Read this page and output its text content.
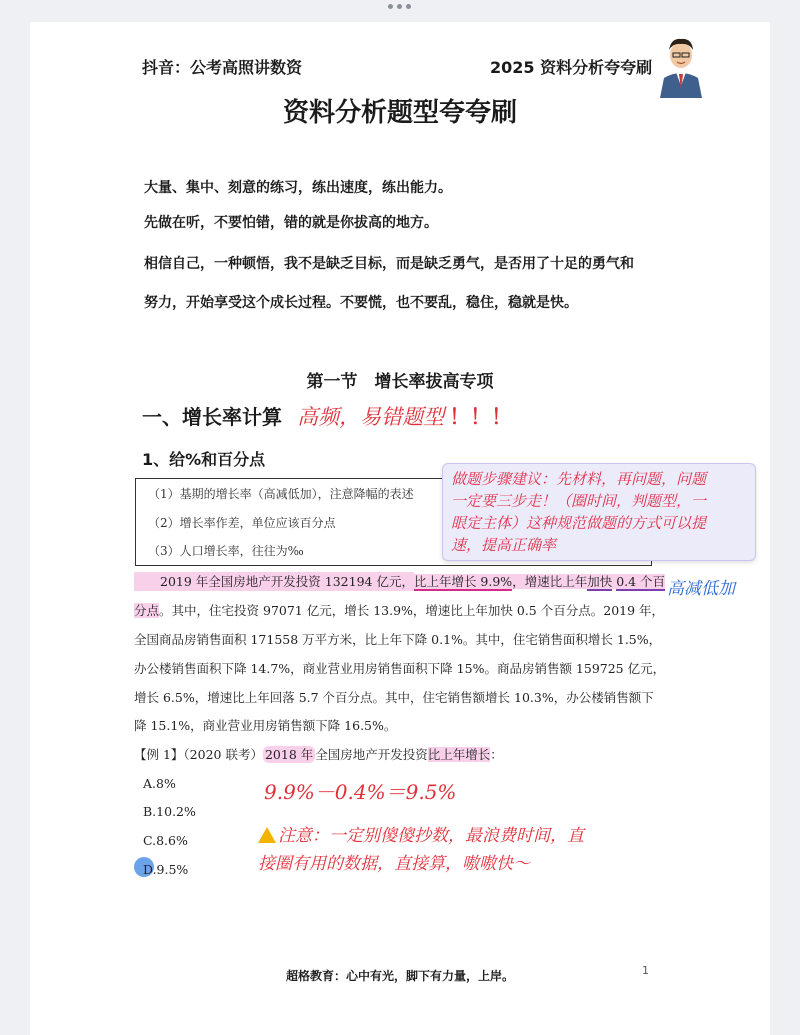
抖音：公考高照讲数资	2025 资料分析夸夸刷
资料分析题型夸夸刷
大量、集中、刻意的练习，练出速度，练出能力。
先做在听，不要怕错，错的就是你拔高的地方。
相信自己，一种顿悟，我不是缺乏目标，而是缺乏勇气，是否用了十足的勇气和
努力，开始享受这个成长过程。不要慌，也不要乱，稳住，稳就是快。
第一节　增长率拔高专项
一、增长率计算 高频，易错题型 ！！！
1、给%和百分点
（1）基期的增长率（高减低加），注意降幅的表述
（2）增长率作差，单位应该百分点
（3）人口增长率，往往为‰
做题步骤建议：先材料，再问题，问题
一定要三步走！（圈时间，判题型，一
眼定主体）这种规范做题的方式可以提
速，提高正确率
高减低加
2019 年全国房地产开发投资 132194 亿元，比上年增长 9.9%，增速比上年加快 0.4 个百
分点。其中，住宅投资 97071 亿元，增长 13.9%，增速比上年加快 0.5 个百分点。2019 年，
全国商品房销售面积 171558 万平方米，比上年下降 0.1%。其中，住宅销售面积增长 1.5%，
办公楼销售面积下降 14.7%，商业营业用房销售面积下降 15%。商品房销售额 159725 亿元，
增长 6.5%，增速比上年回落 5.7 个百分点。其中，住宅销售额增长 10.3%，办公楼销售额下
降 15.1%，商业营业用房销售额下降 16.5%。
【例 1】（2020 联考） 2018 年 全国房地产开发投资比上年增长：
A.8%
B.10.2%
C.8.6%
D.9.5%
9.9%－0.4%＝9.5%
注意：一定别傻傻抄数，最浪费时间，直
接圈有用的数据，直接算，嗷嗷快～
超格教育：心中有光，脚下有力量，上岸。	1
